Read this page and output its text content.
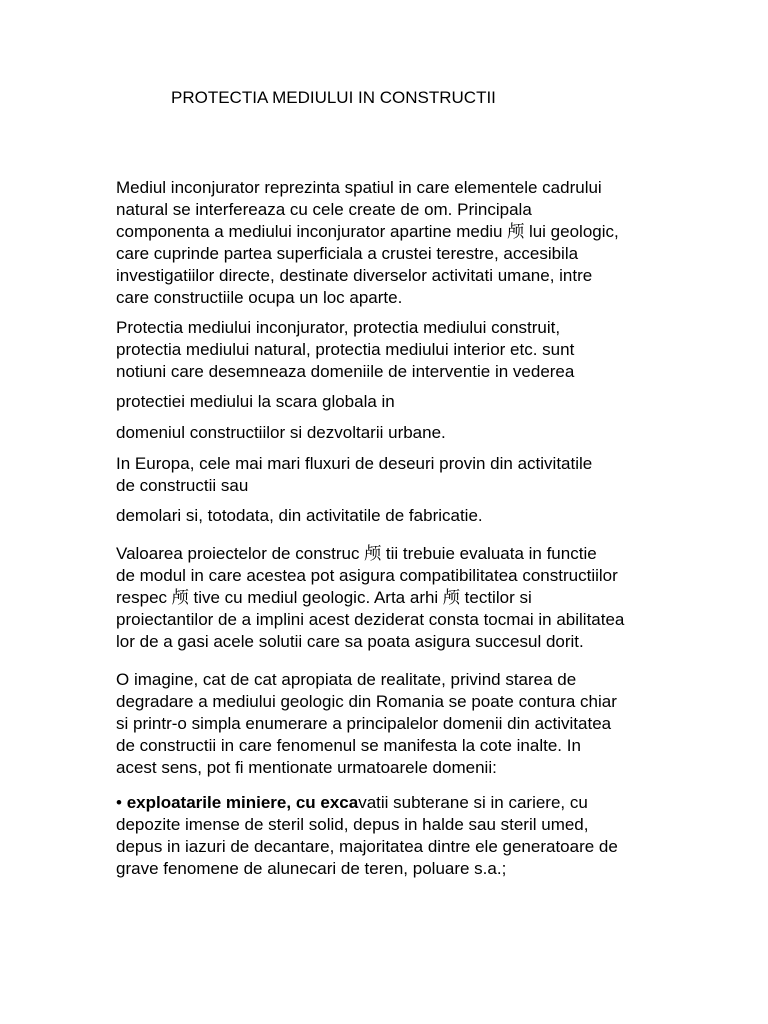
PROTECTIA MEDIULUI IN CONSTRUCTII

Mediul inconjurator reprezinta spatiul in care elementele cadrului
natural se interfereaza cu cele create de om. Principala
componenta a mediului inconjurator apartine mediu 颅 lui geologic,
care cuprinde partea superficiala a crustei terestre, accesibila
investigatiilor directe, destinate diverselor activitati umane, intre
care constructiile ocupa un loc aparte.

Protectia mediului inconjurator, protectia mediului construit,
protectia mediului natural, protectia mediului interior etc. sunt
notiuni care desemneaza domeniile de interventie in vederea

protectiei mediului la scara globala in

domeniul constructiilor si dezvoltarii urbane.

In Europa, cele mai mari fluxuri de deseuri provin din activitatile
de constructii sau

demolari si, totodata, din activitatile de fabricatie.

Valoarea proiectelor de construc 颅 tii trebuie evaluata in functie
de modul in care acestea pot asigura compatibilitatea constructiilor
respec 颅 tive cu mediul geologic. Arta arhi 颅 tectilor si
proiectantilor de a implini acest deziderat consta tocmai in abilitatea
lor de a gasi acele solutii care sa poata asigura succesul dorit.

O imagine, cat de cat apropiata de realitate, privind starea de
degradare a mediului geologic din Romania se poate contura chiar
si printr-o simpla enumerare a principalelor domenii din activitatea
de constructii in care fenomenul se manifesta la cote inalte. In
acest sens, pot fi mentionate urmatoarele domenii:

• exploatarile miniere, cu excavatii subterane si in cariere, cu
depozite imense de steril solid, depus in halde sau steril umed,
depus in iazuri de decantare, majoritatea dintre ele generatoare de
grave fenomene de alunecari de teren, poluare s.a.;
